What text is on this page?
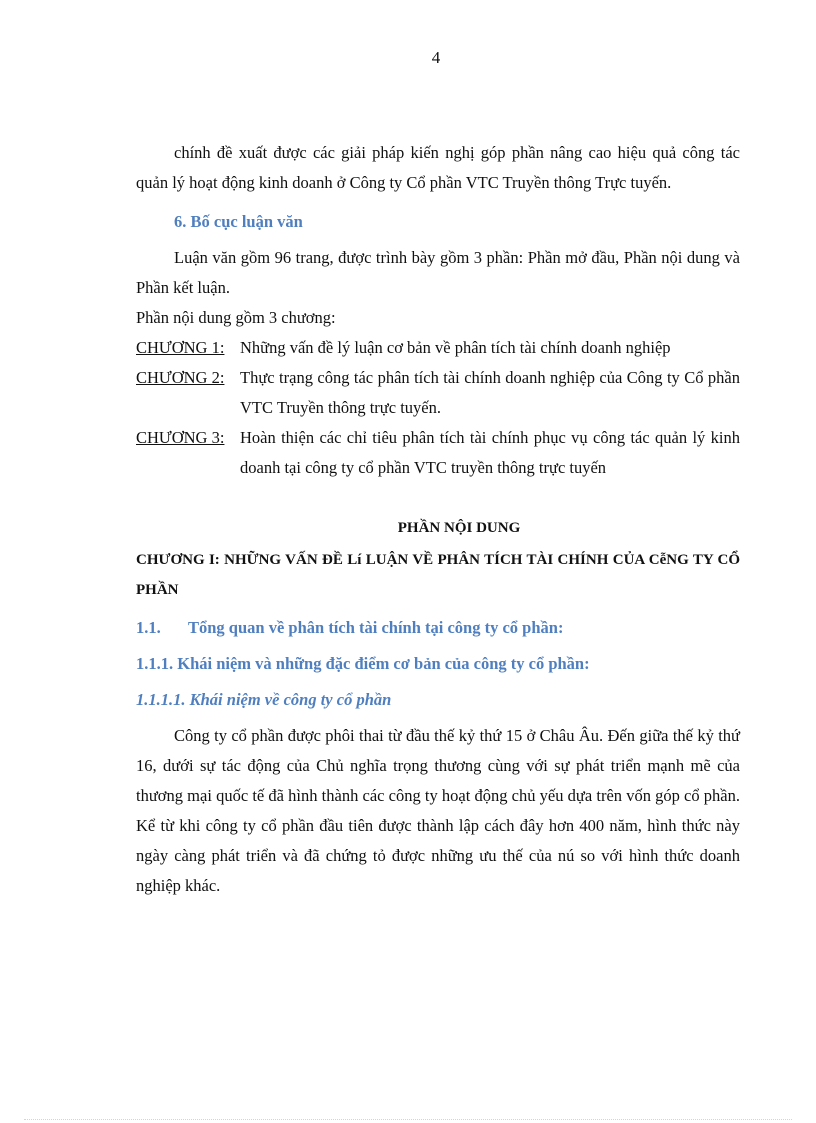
4

chính đề xuất được các giải pháp kiến nghị góp phần nâng cao hiệu quả công tác quản lý hoạt động kinh doanh ở Công ty Cổ phần VTC Truyền thông Trực tuyến.

6. Bố cục luận văn

Luận văn gồm 96 trang, được trình bày gồm 3 phần: Phần mở đầu, Phần nội dung và Phần kết luận.

Phần nội dung gồm 3 chương:

CHƯƠNG 1: Những vấn đề lý luận cơ bản về phân tích tài chính doanh nghiệp
CHƯƠNG 2: Thực trạng công tác phân tích tài chính doanh nghiệp của Công ty Cổ phần VTC Truyền thông trực tuyến.
CHƯƠNG 3: Hoàn thiện các chỉ tiêu phân tích tài chính phục vụ công tác quản lý kinh doanh tại công ty cổ phần VTC truyền thông trực tuyến

PHẦN NỘI DUNG

CHƯƠNG I: NHỮNG VẤN ĐỀ Lí LUẬN VỀ PHÂN TÍCH TÀI CHÍNH CỦA CễNG TY CỔ PHẦN

1.1.	Tổng quan về phân tích tài chính tại công ty cổ phần:

1.1.1. Khái niệm và những đặc điểm cơ bản của công ty cổ phần:

1.1.1.1. Khái niệm về công ty cổ phần

Công ty cổ phần được phôi thai từ đầu thế kỷ thứ 15 ở Châu Âu. Đến giữa thế kỷ thứ 16, dưới sự tác động của Chủ nghĩa trọng thương cùng với sự phát triển mạnh mẽ của thương mại quốc tế đã hình thành các công ty hoạt động chủ yếu dựa trên vốn góp cổ phần. Kể từ khi công ty cổ phần đầu tiên được thành lập cách đây hơn 400 năm, hình thức này ngày càng phát triển và đã chứng tỏ được những ưu thế của nú so với hình thức doanh nghiệp khác.
